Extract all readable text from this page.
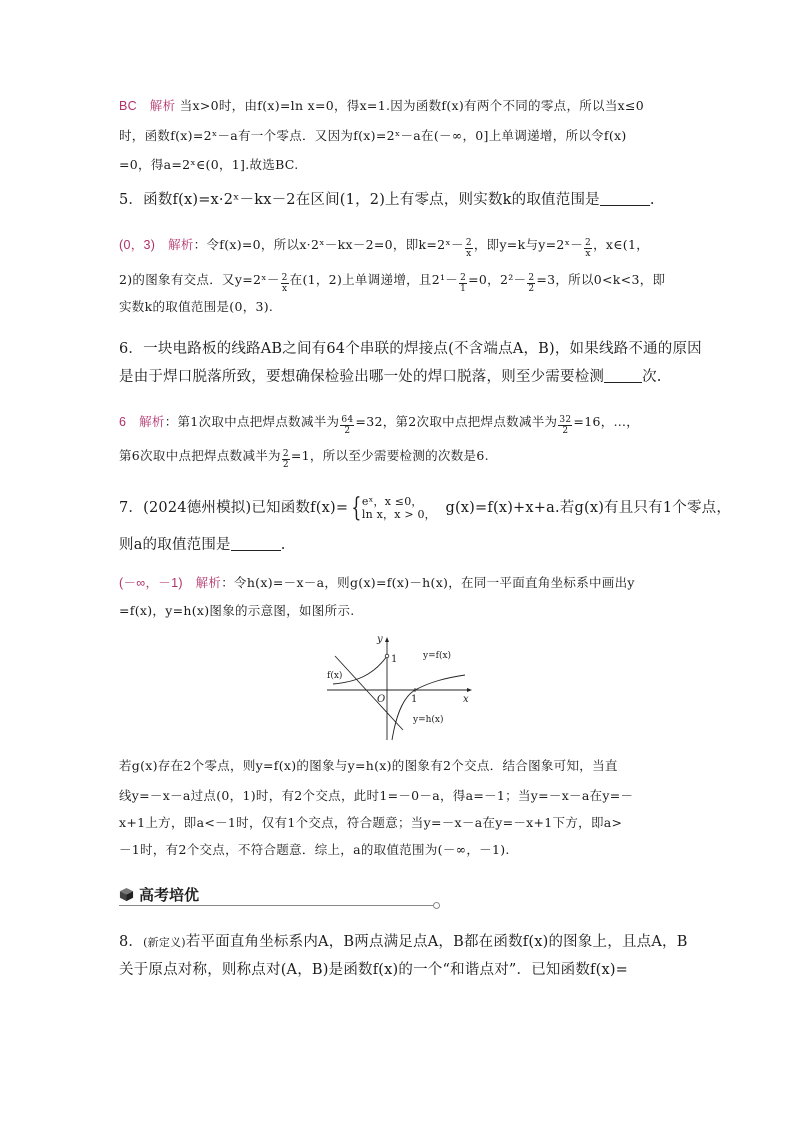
BC 解析 当x>0时，由f(x)=ln x=0，得x=1.因为函数f(x)有两个不同的零点，所以当x≤0
时，函数f(x)=2ˣ－a有一个零点．又因为f(x)=2ˣ－a在(－∞，0]上单调递增，所以令f(x)
=0，得a=2ˣ∈(0，1].故选BC.
5．函数f(x)=x·2ˣ－kx－2在区间(1，2)上有零点，则实数k的取值范围是	.
(0，3) 解析：令f(x)=0，所以x·2ˣ－kx－2=0，即k=2ˣ－ $\frac{2}{x}$ ，即y=k与y=2ˣ－ $\frac{2}{x}$ ，x∈(1，
2)的图象有交点．又y=2ˣ－ $\frac{2}{x}$ 在(1，2)上单调递增，且$2^1- \frac{2}{1} =0$，$2^2- \frac{2}{2} =3$，所以0<k<3，即
实数k的取值范围是(0，3).
6．一块电路板的线路AB之间有64个串联的焊接点(不含端点A，B)，如果线路不通的原因
是由于焊口脱落所致，要想确保检验出哪一处的焊口脱落，则至少需要检测	次.
6 解析：第1次取中点把焊点数减半为 $\frac{64}{2} =32$，第2次取中点把焊点数减半为 $\frac{32}{2} =16$，…，
第6次取中点把焊点数减半为 $\frac{2}{2} =1$，所以至少需要检测的次数是6.
7．(2024德州模拟)已知函数f(x)= { eˣ，x ≤0，
ln x，x > 0， g(x)=f(x)+x+a.若g(x)有且只有1个零点，
则a的取值范围是	.
(－∞，－1) 解析：令h(x)=－x－a，则g(x)=f(x)－h(x)，在同一平面直角坐标系中画出y
=f(x)，y=h(x)图象的示意图，如图所示.
y
x
O	1
1	y=f(x)
f(x)
y=h(x)
若g(x)存在2个零点，则y=f(x)的图象与y=h(x)的图象有2个交点．结合图象可知，当直
线y=－x－a过点(0，1)时，有2个交点，此时1=－0－a，得a=－1；当y=－x－a在y=－
x+1上方，即a<－1时，仅有1个交点，符合题意；当y=－x－a在y=－x+1下方，即a>
－1时，有2个交点，不符合题意．综上，a的取值范围为(－∞，－1).
高考培优
8．(新定义)若平面直角坐标系内A，B两点满足点A，B都在函数f(x)的图象上，且点A，B
关于原点对称，则称点对(A，B)是函数f(x)的一个“和谐点对”．已知函数f(x)=
